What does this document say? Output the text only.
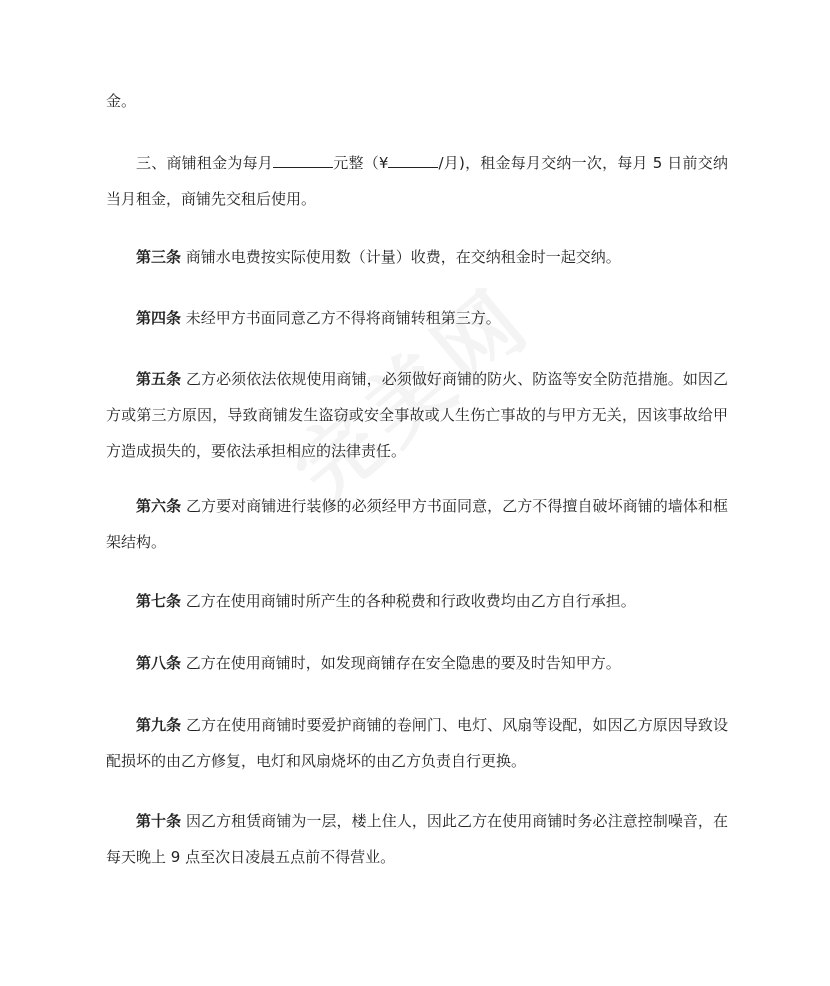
金。

三、商铺租金为每月	元整（¥	/月)，租金每月交纳一次，每月 5 日前交纳当月租金，商铺先交租后使用。

第三条 商铺水电费按实际使用数（计量）收费，在交纳租金时一起交纳。

第四条 未经甲方书面同意乙方不得将商铺转租第三方。

第五条 乙方必须依法依规使用商铺，必须做好商铺的防火、防盗等安全防范措施。如因乙方或第三方原因，导致商铺发生盗窃或安全事故或人生伤亡事故的与甲方无关，因该事故给甲方造成损失的，要依法承担相应的法律责任。

第六条 乙方要对商铺进行装修的必须经甲方书面同意，乙方不得擅自破坏商铺的墙体和框架结构。

第七条 乙方在使用商铺时所产生的各种税费和行政收费均由乙方自行承担。

第八条 乙方在使用商铺时，如发现商铺存在安全隐患的要及时告知甲方。

第九条 乙方在使用商铺时要爱护商铺的卷闸门、电灯、风扇等设配，如因乙方原因导致设配损坏的由乙方修复，电灯和风扇烧坏的由乙方负责自行更换。

第十条 因乙方租赁商铺为一层，楼上住人，因此乙方在使用商铺时务必注意控制噪音，在每天晚上 9 点至次日凌晨五点前不得营业。
